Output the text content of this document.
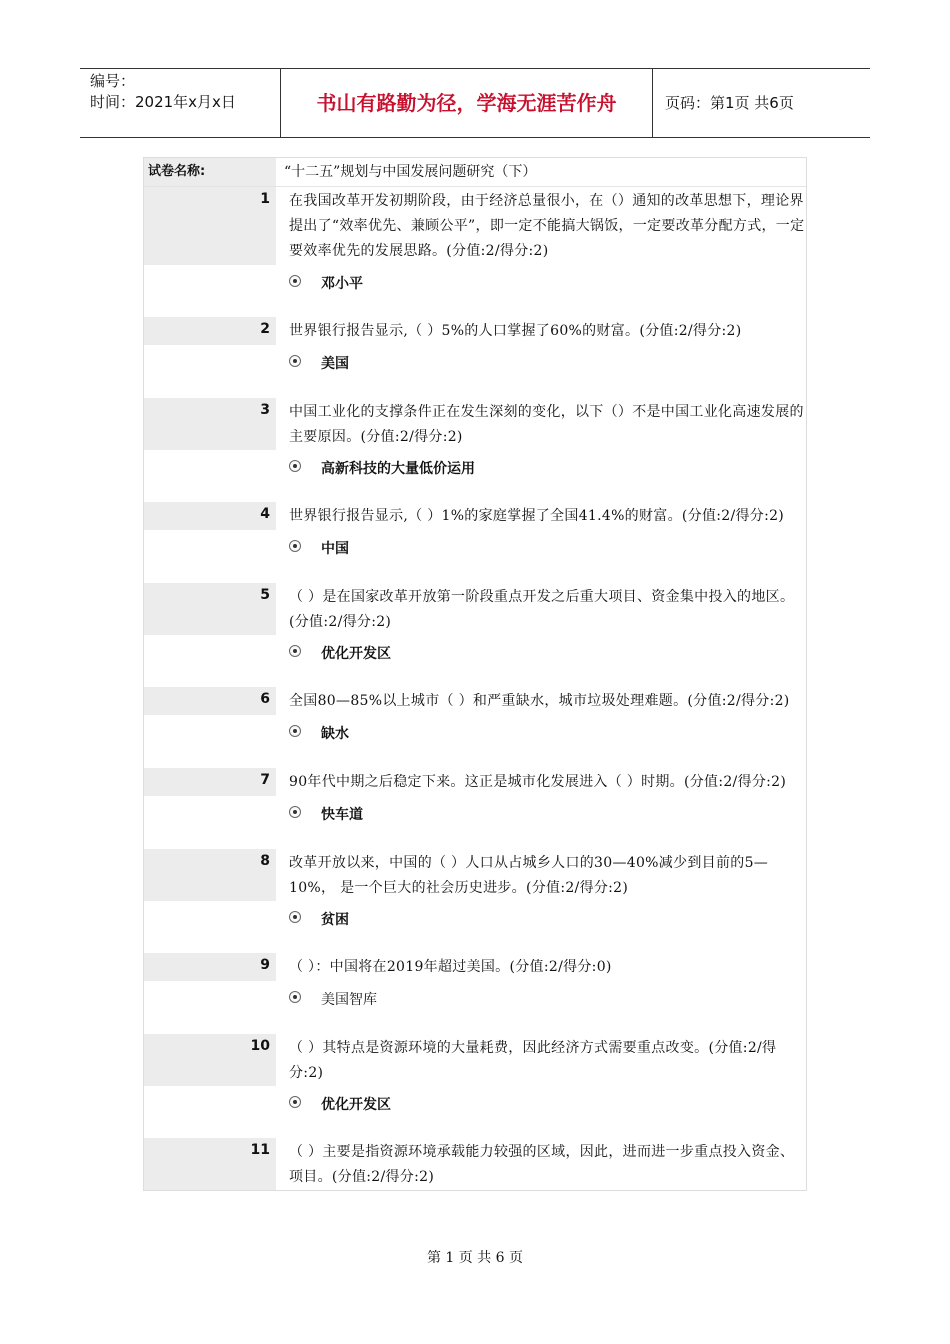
编号：
时间：2021年x月x日	书山有路勤为径，学海无涯苦作舟	页码：第1页 共6页
试卷名称:	“十二五”规划与中国发展问题研究（下）
1 在我国改革开发初期阶段，由于经济总量很小，在（）通知的改革思想下，理论界提出了“效率优先、兼顾公平”，即一定不能搞大锅饭，一定要改革分配方式，一定要效率优先的发展思路。(分值:2/得分:2)
邓小平
2 世界银行报告显示,（ ）5%的人口掌握了60%的财富。(分值:2/得分:2)
美国
3 中国工业化的支撑条件正在发生深刻的变化，以下（）不是中国工业化高速发展的主要原因。(分值:2/得分:2)
高新科技的大量低价运用
4 世界银行报告显示,（ ）1%的家庭掌握了全国41.4%的财富。(分值:2/得分:2)
中国
5 （ ）是在国家改革开放第一阶段重点开发之后重大项目、资金集中投入的地区。(分值:2/得分:2)
优化开发区
6 全国80—85%以上城市（ ）和严重缺水，城市垃圾处理难题。(分值:2/得分:2)
缺水
7 90年代中期之后稳定下来。这正是城市化发展进入（ ）时期。(分值:2/得分:2)
快车道
8 改革开放以来，中国的（ ）人口从占城乡人口的30—40%减少到目前的5—10%， 是一个巨大的社会历史进步。(分值:2/得分:2)
贫困
9 （ ）：中国将在2019年超过美国。(分值:2/得分:0)
美国智库
10 （ ）其特点是资源环境的大量耗费，因此经济方式需要重点改变。(分值:2/得分:2)
优化开发区
11 （ ）主要是指资源环境承载能力较强的区域，因此，进而进一步重点投入资金、项目。(分值:2/得分:2)
第 1 页 共 6 页
